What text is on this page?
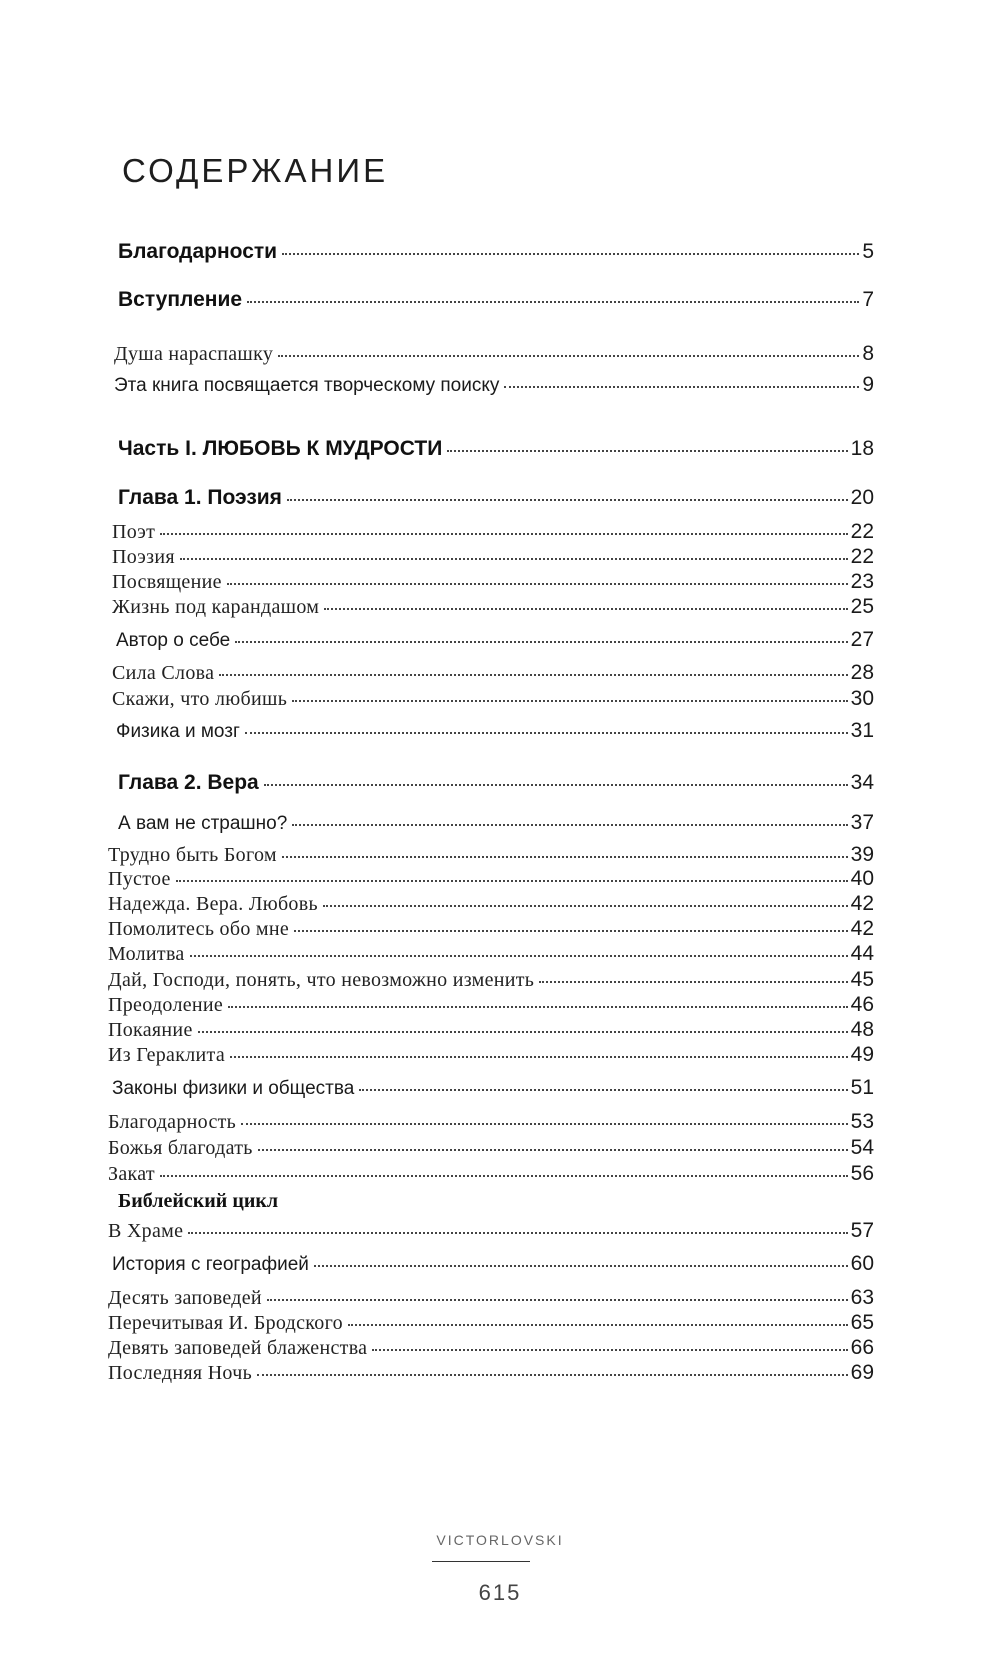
СОДЕРЖАНИЕ
Библейский цикл
Благодарности	5
Вступление	7
Душа нараспашку	8
Эта книга посвящается творческому поиску	9
Часть I. ЛЮБОВЬ К МУДРОСТИ	18
Глава 1. Поэзия	20
Поэт	22
Поэзия	22
Посвящение	23
Жизнь под карандашом	25
Автор о себе	27
Сила Слова	28
Скажи, что любишь	30
Физика и мозг	31
Глава 2. Вера	34
А вам не страшно?	37
Трудно быть Богом	39
Пустое	40
Надежда. Вера. Любовь	42
Помолитесь обо мне	42
Молитва	44
Дай, Господи, понять, что невозможно изменить	45
Преодоление	46
Покаяние	48
Из Гераклита	49
Законы физики и общества	51
Благодарность	53
Божья благодать	54
Закат	56
В Храме	57
История с географией	60
Десять заповедей	63
Перечитывая И. Бродского	65
Девять заповедей блаженства	66
Последняя Ночь	69
VICTORLOVSKI
615
